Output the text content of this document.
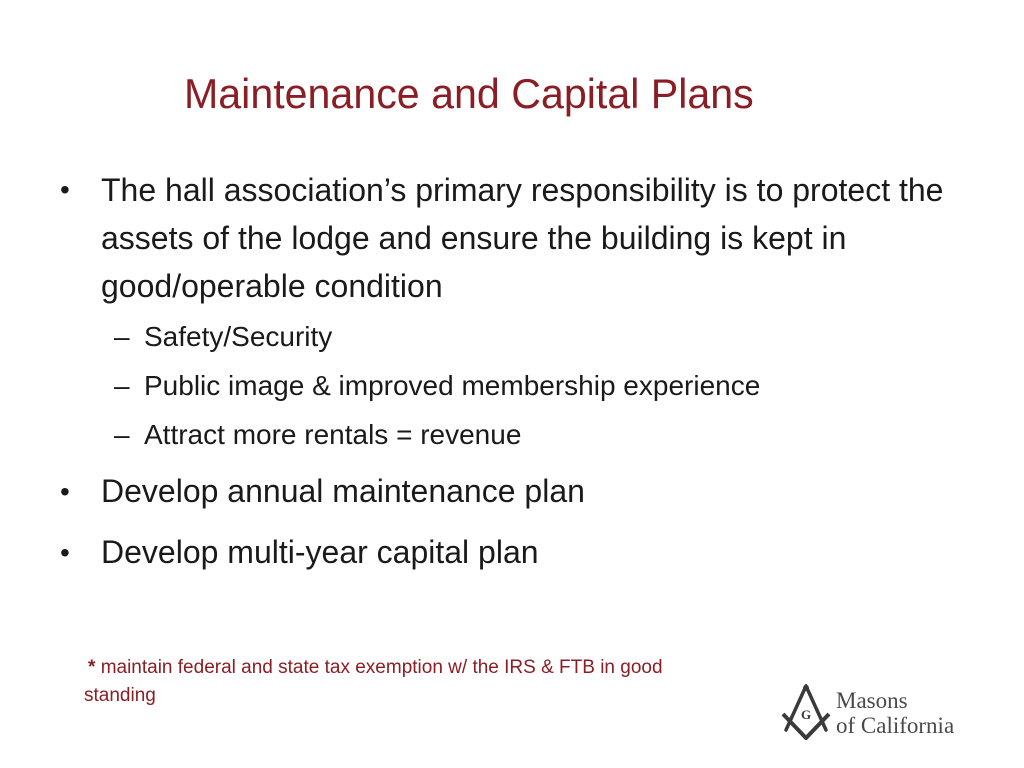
Maintenance and Capital Plans
• The hall association’s primary responsibility is to protect the assets of the lodge and ensure the building is kept in good/operable condition
– Safety/Security
– Public image & improved membership experience
– Attract more rentals = revenue
• Develop annual maintenance plan
• Develop multi-year capital plan
* maintain federal and state tax exemption w/ the IRS & FTB in good standing
G
Masons
of California
